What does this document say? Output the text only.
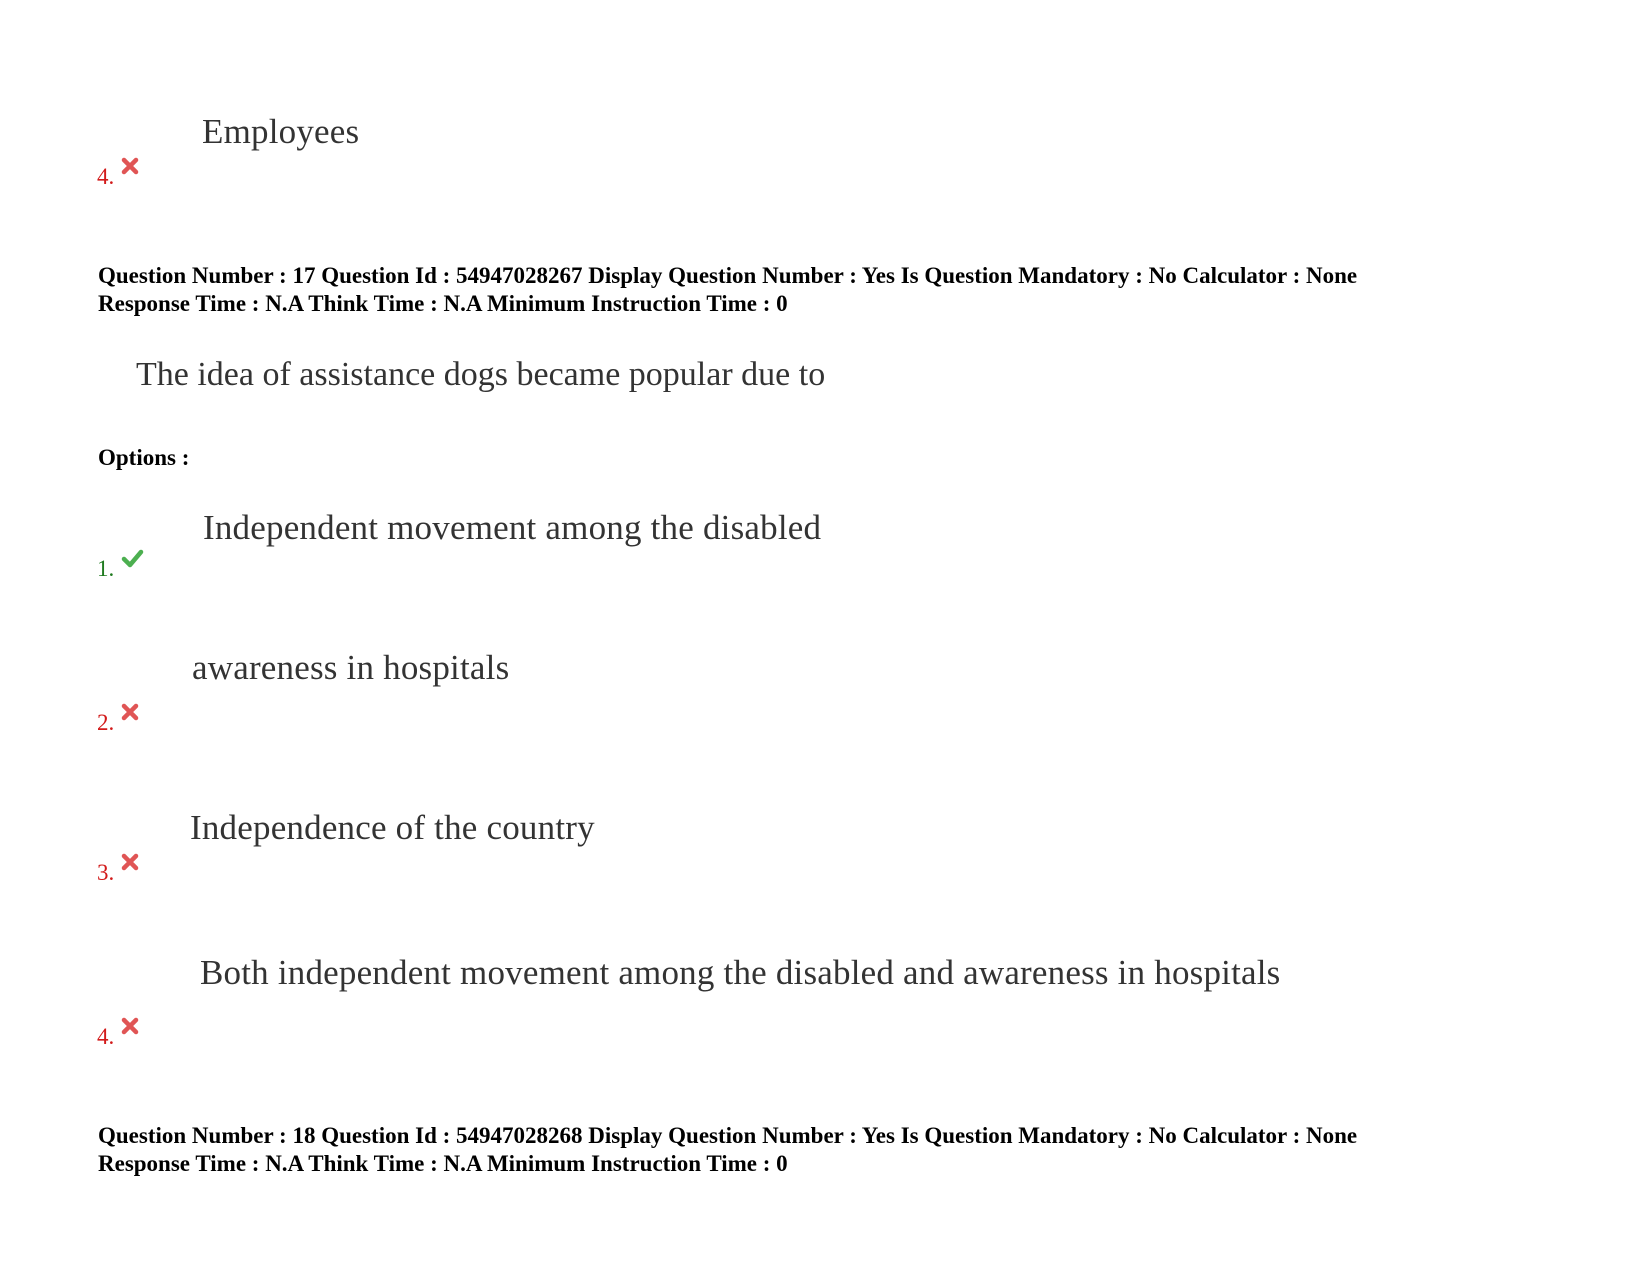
Employees
4.
Question Number : 17 Question Id : 54947028267 Display Question Number : Yes Is Question Mandatory : No Calculator : None
Response Time : N.A Think Time : N.A Minimum Instruction Time : 0
The idea of assistance dogs became popular due to
Options :
Independent movement among the disabled
1.
awareness in hospitals
2.
Independence of the country
3.
Both independent movement among the disabled and awareness in hospitals
4.
Question Number : 18 Question Id : 54947028268 Display Question Number : Yes Is Question Mandatory : No Calculator : None
Response Time : N.A Think Time : N.A Minimum Instruction Time : 0
